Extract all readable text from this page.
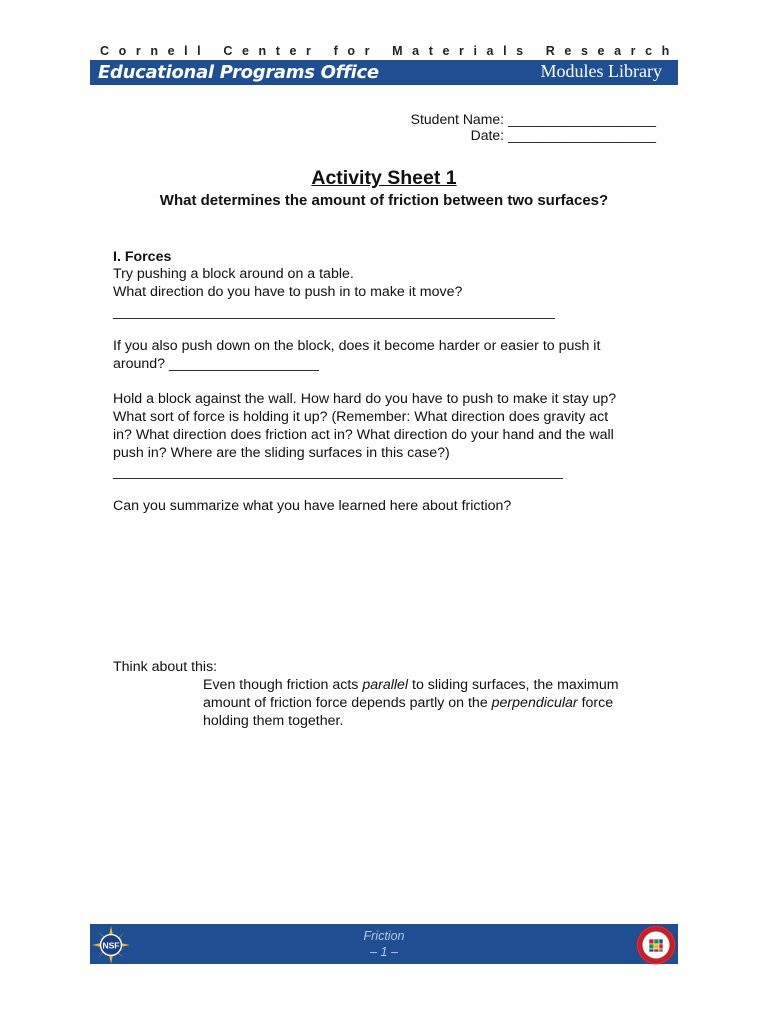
Cornell Center for Materials Research
Educational Programs Office	Modules Library
Student Name: ___________________
Date: ___________________
Activity Sheet 1
What determines the amount of friction between two surfaces?
I. Forces
Try pushing a block around on a table.
What direction do you have to push in to make it move?
________________________________________________________
If you also push down on the block, does it become harder or easier to push it
around? ___________________
Hold a block against the wall. How hard do you have to push to make it stay up?
What sort of force is holding it up? (Remember: What direction does gravity act
in? What direction does friction act in? What direction do your hand and the wall
push in? Where are the sliding surfaces in this case?)
_________________________________________________________
Can you summarize what you have learned here about friction?
Think about this:
Even though friction acts parallel to sliding surfaces, the maximum
amount of friction force depends partly on the perpendicular force
holding them together.
NSF
Friction
– 1 –
